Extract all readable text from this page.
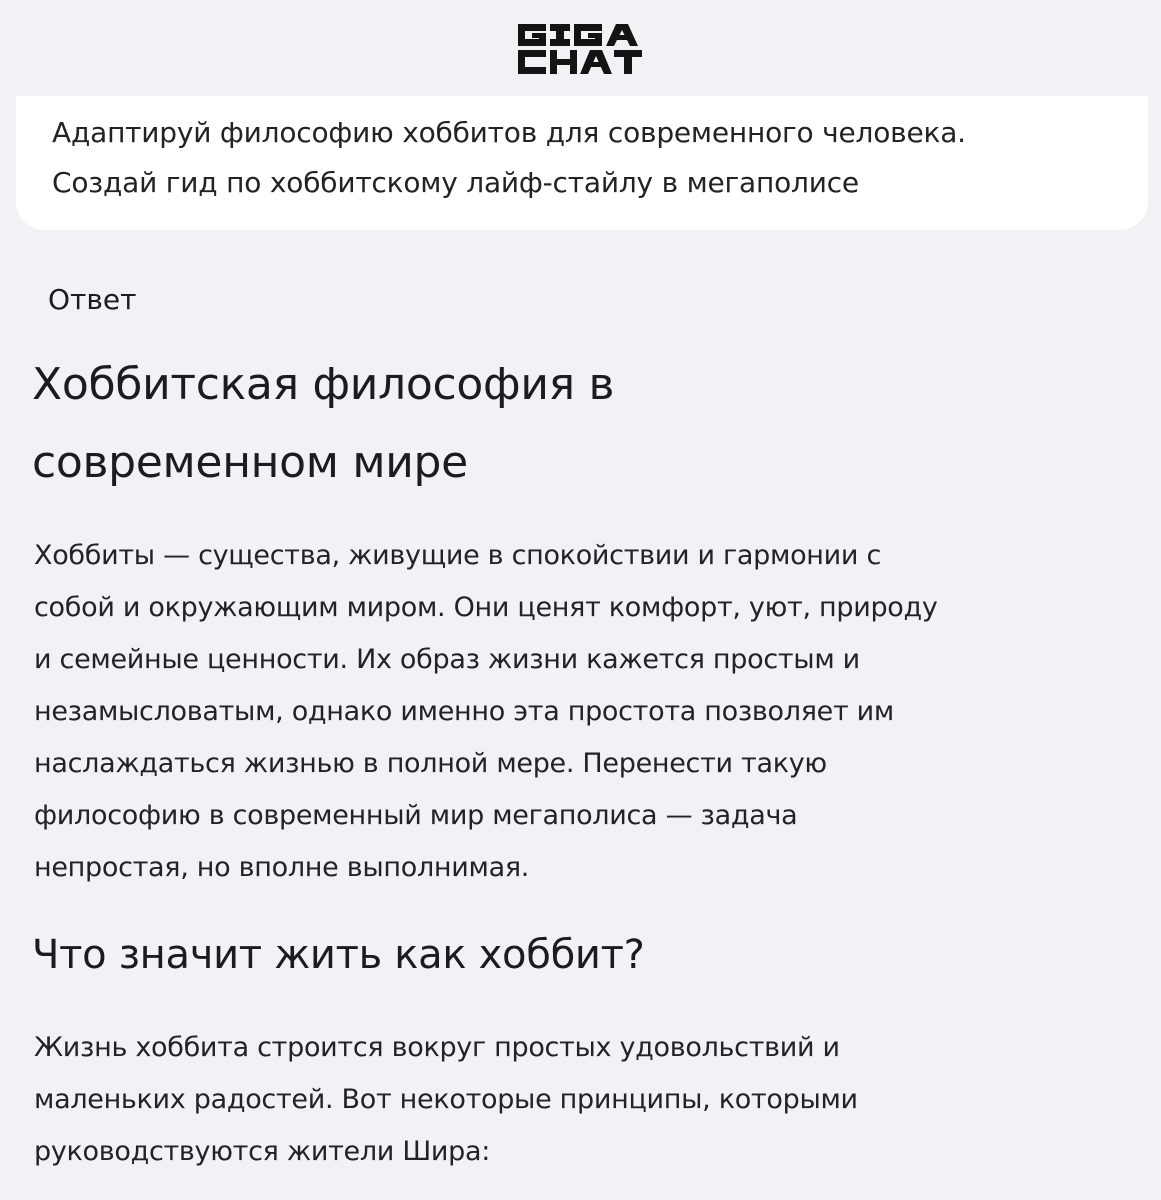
Адаптируй философию хоббитов для современного человека.
Создай гид по хоббитскому лайф-стайлу в мегаполисе
Ответ
Хоббитская философия в
современном мире
Хоббиты — существа, живущие в спокойствии и гармонии с
собой и окружающим миром. Они ценят комфорт, уют, природу
и семейные ценности. Их образ жизни кажется простым и
незамысловатым, однако именно эта простота позволяет им
наслаждаться жизнью в полной мере. Перенести такую
философию в современный мир мегаполиса — задача
непростая, но вполне выполнимая.
Что значит жить как хоббит?
Жизнь хоббита строится вокруг простых удовольствий и
маленьких радостей. Вот некоторые принципы, которыми
руководствуются жители Шира:
